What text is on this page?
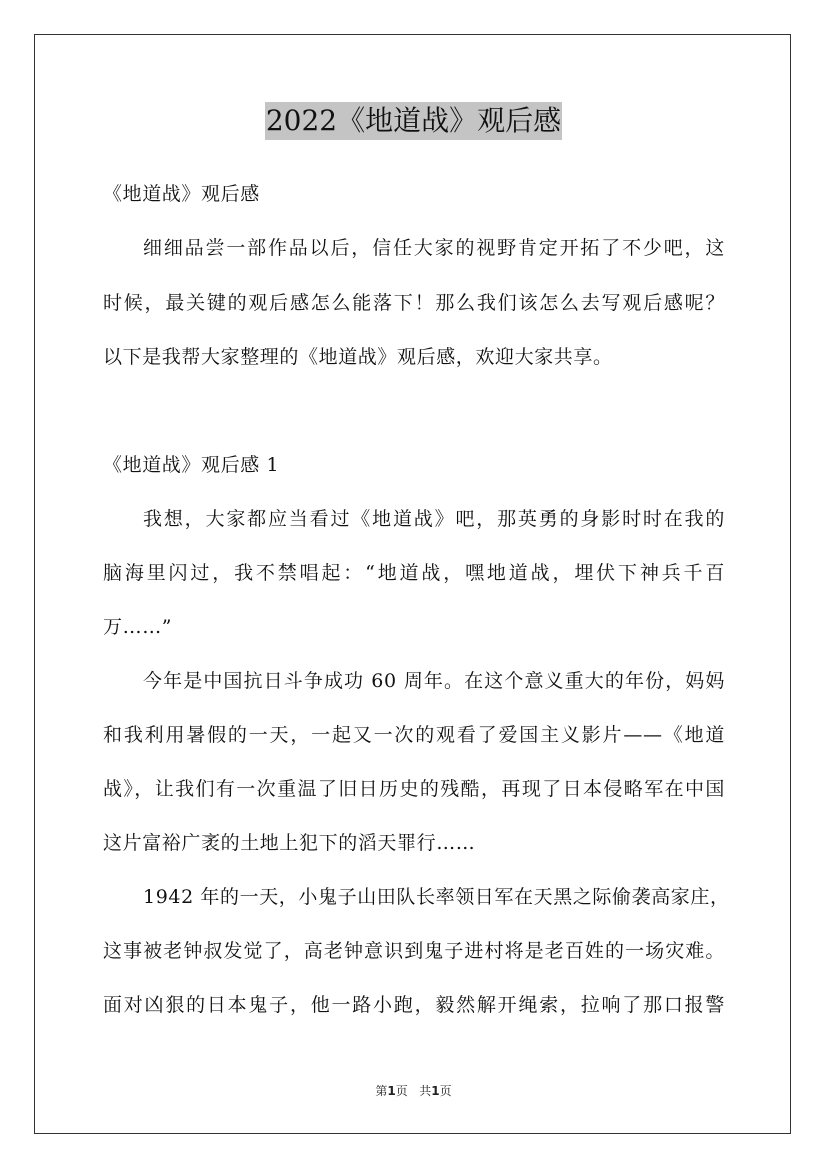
2022《地道战》观后感
《地道战》观后感
细细品尝一部作品以后，信任大家的视野肯定开拓了不少吧，这
时候，最关键的观后感怎么能落下！那么我们该怎么去写观后感呢？
以下是我帮大家整理的《地道战》观后感，欢迎大家共享。
《地道战》观后感 1
我想，大家都应当看过《地道战》吧，那英勇的身影时时在我的
脑海里闪过，我不禁唱起：“地道战，嘿地道战，埋伏下神兵千百
万……”
今年是中国抗日斗争成功 60 周年。在这个意义重大的年份，妈妈
和我利用暑假的一天，一起又一次的观看了爱国主义影片——《地道
战》，让我们有一次重温了旧日历史的残酷，再现了日本侵略军在中国
这片富裕广袤的土地上犯下的滔天罪行……
1942 年的一天，小鬼子山田队长率领日军在天黑之际偷袭高家庄，
这事被老钟叔发觉了，高老钟意识到鬼子进村将是老百姓的一场灾难。
面对凶狠的日本鬼子，他一路小跑，毅然解开绳索，拉响了那口报警
第1页   共1页
